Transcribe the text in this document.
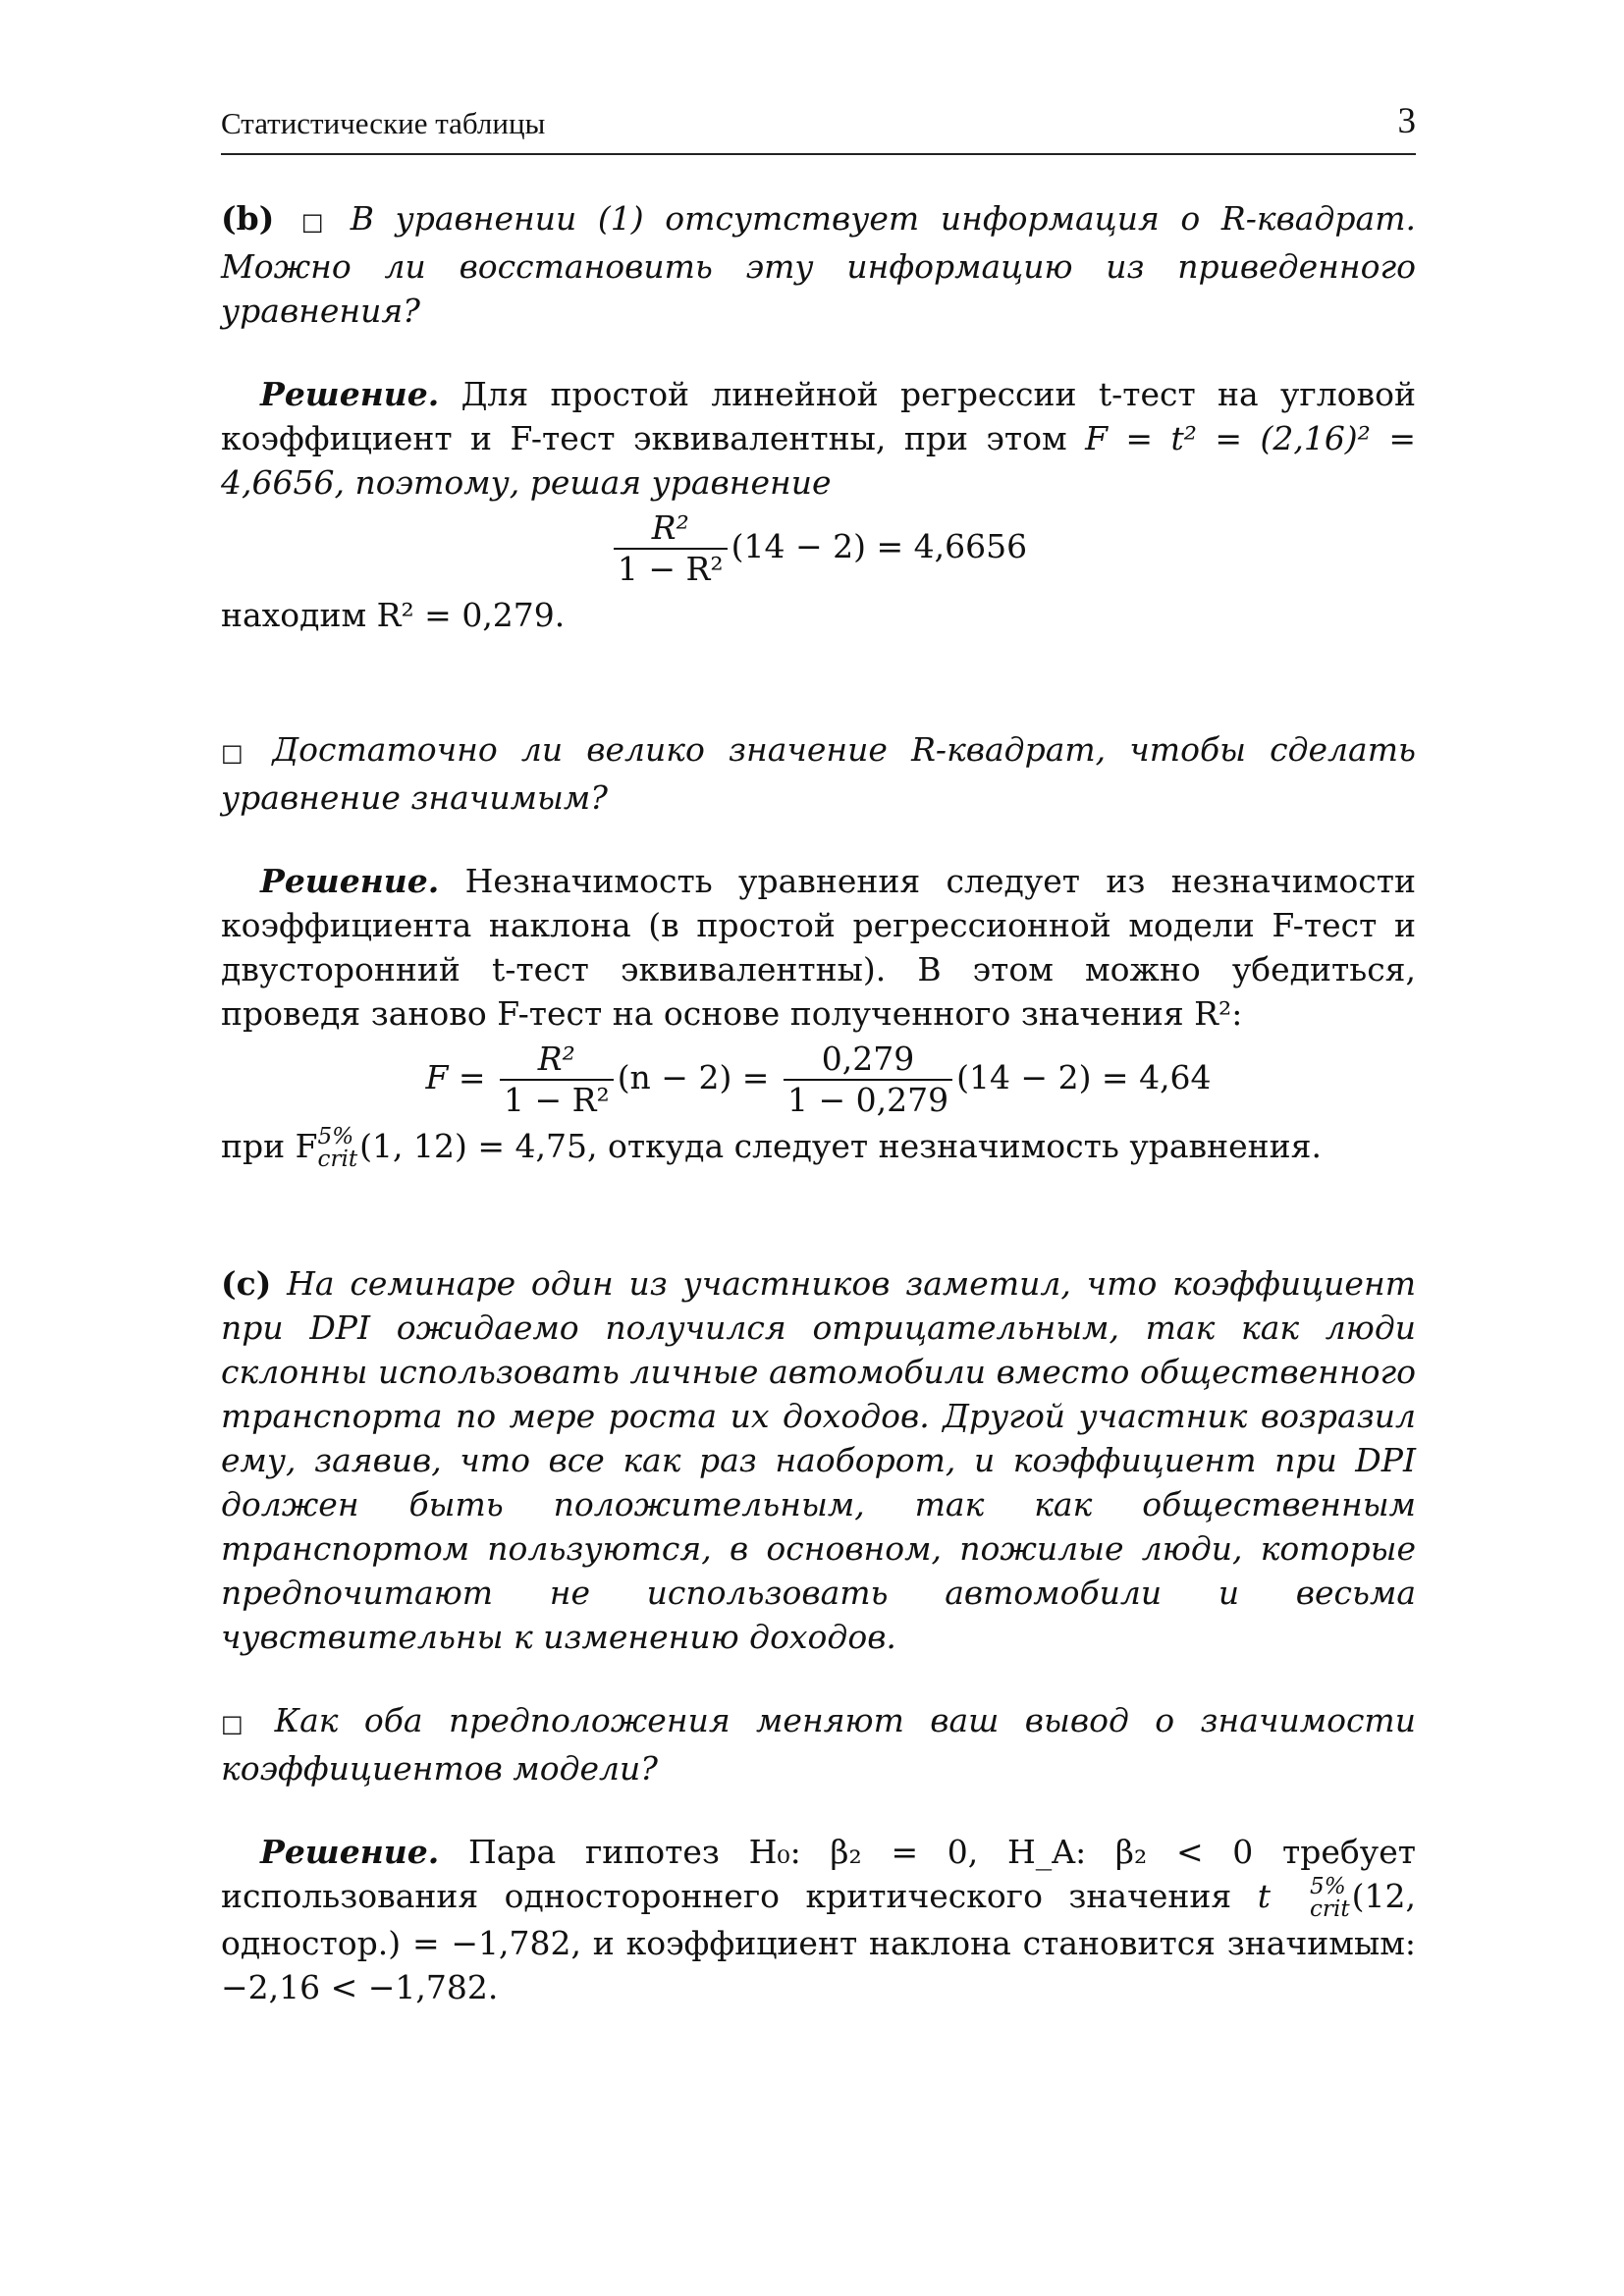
Статистические таблицы	3

(b) □ В уравнении (1) отсутствует информация о R-квадрат. Можно ли восстановить эту информацию из приведенного уравнения?

Решение. Для простой линейной регрессии t-тест на угловой коэффициент и F-тест эквивалентны, при этом F = t² = (2,16)² = 4,6656, поэтому, решая уравнение

$\frac{\text{R²}}{\text{1 − R²}} (14 - 2) = 4,6656$

находим R² = 0,279.

□ Достаточно ли велико значение R-квадрат, чтобы сделать уравнение значимым?

Решение. Незначимость уравнения следует из незначимости коэффициента наклона (в простой регрессионной модели F-тест и двусторонний t-тест эквивалентны). В этом можно убедиться, проведя заново F-тест на основе полученного значения R²:

$F = \frac{\text{R²}}{\text{1 − R²}} (n - 2) = \frac{0,279}{1 - 0,279} (14 - 2) = 4,64$

при F 5%
crit (1, 12) = 4,75, откуда следует незначимость уравнения.

(c) На семинаре один из участников заметил, что коэффициент при DPI ожидаемо получился отрицательным, так как люди склонны использовать личные автомобили вместо общественного транспорта по мере роста их доходов. Другой участник возразил ему, заявив, что все как раз наоборот, и коэффициент при DPI должен быть положительным, так как общественным транспортом пользуются, в основном, пожилые люди, которые предпочитают не использовать автомобили и весьма чувствительны к изменению доходов.

□ Как оба предположения меняют ваш вывод о значимости коэффициентов модели?

Решение. Пара гипотез H₀: β₂ = 0, H_A: β₂ < 0 требует использования одностороннего критического значения t	5%
crit (12, одностор.) = −1,782, и коэффициент наклона становится значимым: −2,16 < −1,782.
